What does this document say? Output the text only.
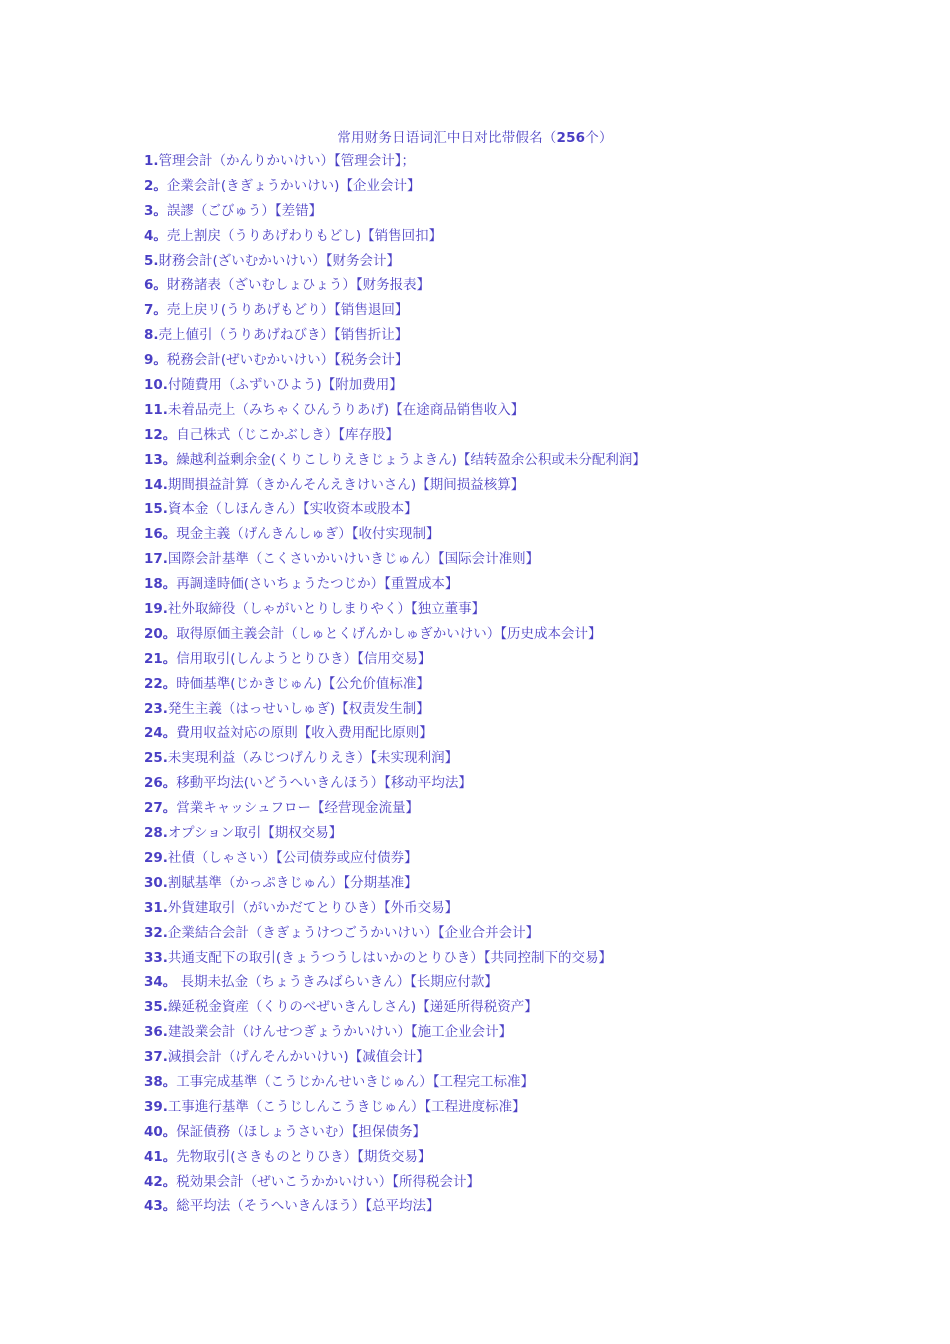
常用财务日语词汇中日对比带假名（256个）
1.管理会計（かんりかいけい）【管理会计】；
2。企業会計(きぎょうかいけい)【企业会计】
3。誤謬（ごびゅう）【差错】
4。売上割戻（うりあげわりもどし)【销售回扣】
5.財務会計(ざいむかいけい）【财务会计】
6。財務諸表（ざいむしょひょう）【财务报表】
7。売上戻リ(うりあげもどり）【销售退回】
8.売上値引（うりあげねびき）【销售折让】
9。税務会計(ぜいむかいけい）【税务会计】
10.付随費用（ふずいひよう)【附加费用】
11.未着品売上（みちゃくひんうりあげ)【在途商品销售收入】
12。自己株式（じこかぶしき）【库存股】
13。繰越利益剰余金(くりこしりえきじょうよきん)【结转盈余公积或未分配利润】
14.期間損益計算（きかんそんえきけいさん)【期间损益核算】
15.資本金（しほんきん）【实收资本或股本】
16。現金主義（げんきんしゅぎ）【收付实现制】
17.国際会計基準（こくさいかいけいきじゅん）【国际会计准则】
18。再調達時価(さいちょうたつじか）【重置成本】
19.社外取締役（しゃがいとりしまりやく）【独立董事】
20。取得原価主義会計（しゅとくげんかしゅぎかいけい）【历史成本会计】
21。信用取引(しんようとりひき）【信用交易】
22。時価基準(じかきじゅん)【公允价值标准】
23.発生主義（はっせいしゅぎ)【权责发生制】
24。費用収益対応の原則【收入费用配比原则】
25.未実現利益（みじつげんりえき）【未实现利润】
26。移動平均法(いどうへいきんほう）【移动平均法】
27。営業キャッシュフロー【经营现金流量】
28.オプション取引【期权交易】
29.社債（しゃさい）【公司债券或应付债券】
30.割賦基準（かっぷきじゅん）【分期基准】
31.外貨建取引（がいかだてとりひき）【外币交易】
32.企業結合会計（きぎょうけつごうかいけい）【企业合并会计】
33.共通支配下の取引(きょうつうしはいかのとりひき）【共同控制下的交易】
34。 長期未払金（ちょうきみばらいきん）【长期应付款】
35.繰延税金資産（くりのべぜいきんしさん)【递延所得税资产】
36.建設業会計（けんせつぎょうかいけい）【施工企业会计】
37.減損会計（げんそんかいけい)【减值会计】
38。工事完成基準（こうじかんせいきじゅん）【工程完工标准】
39.工事進行基準（こうじしんこうきじゅん）【工程进度标准】
40。保証債務（ほしょうさいむ）【担保债务】
41。先物取引(さきものとりひき）【期货交易】
42。税効果会計（ぜいこうかかいけい）【所得税会计】
43。総平均法（そうへいきんほう）【总平均法】
